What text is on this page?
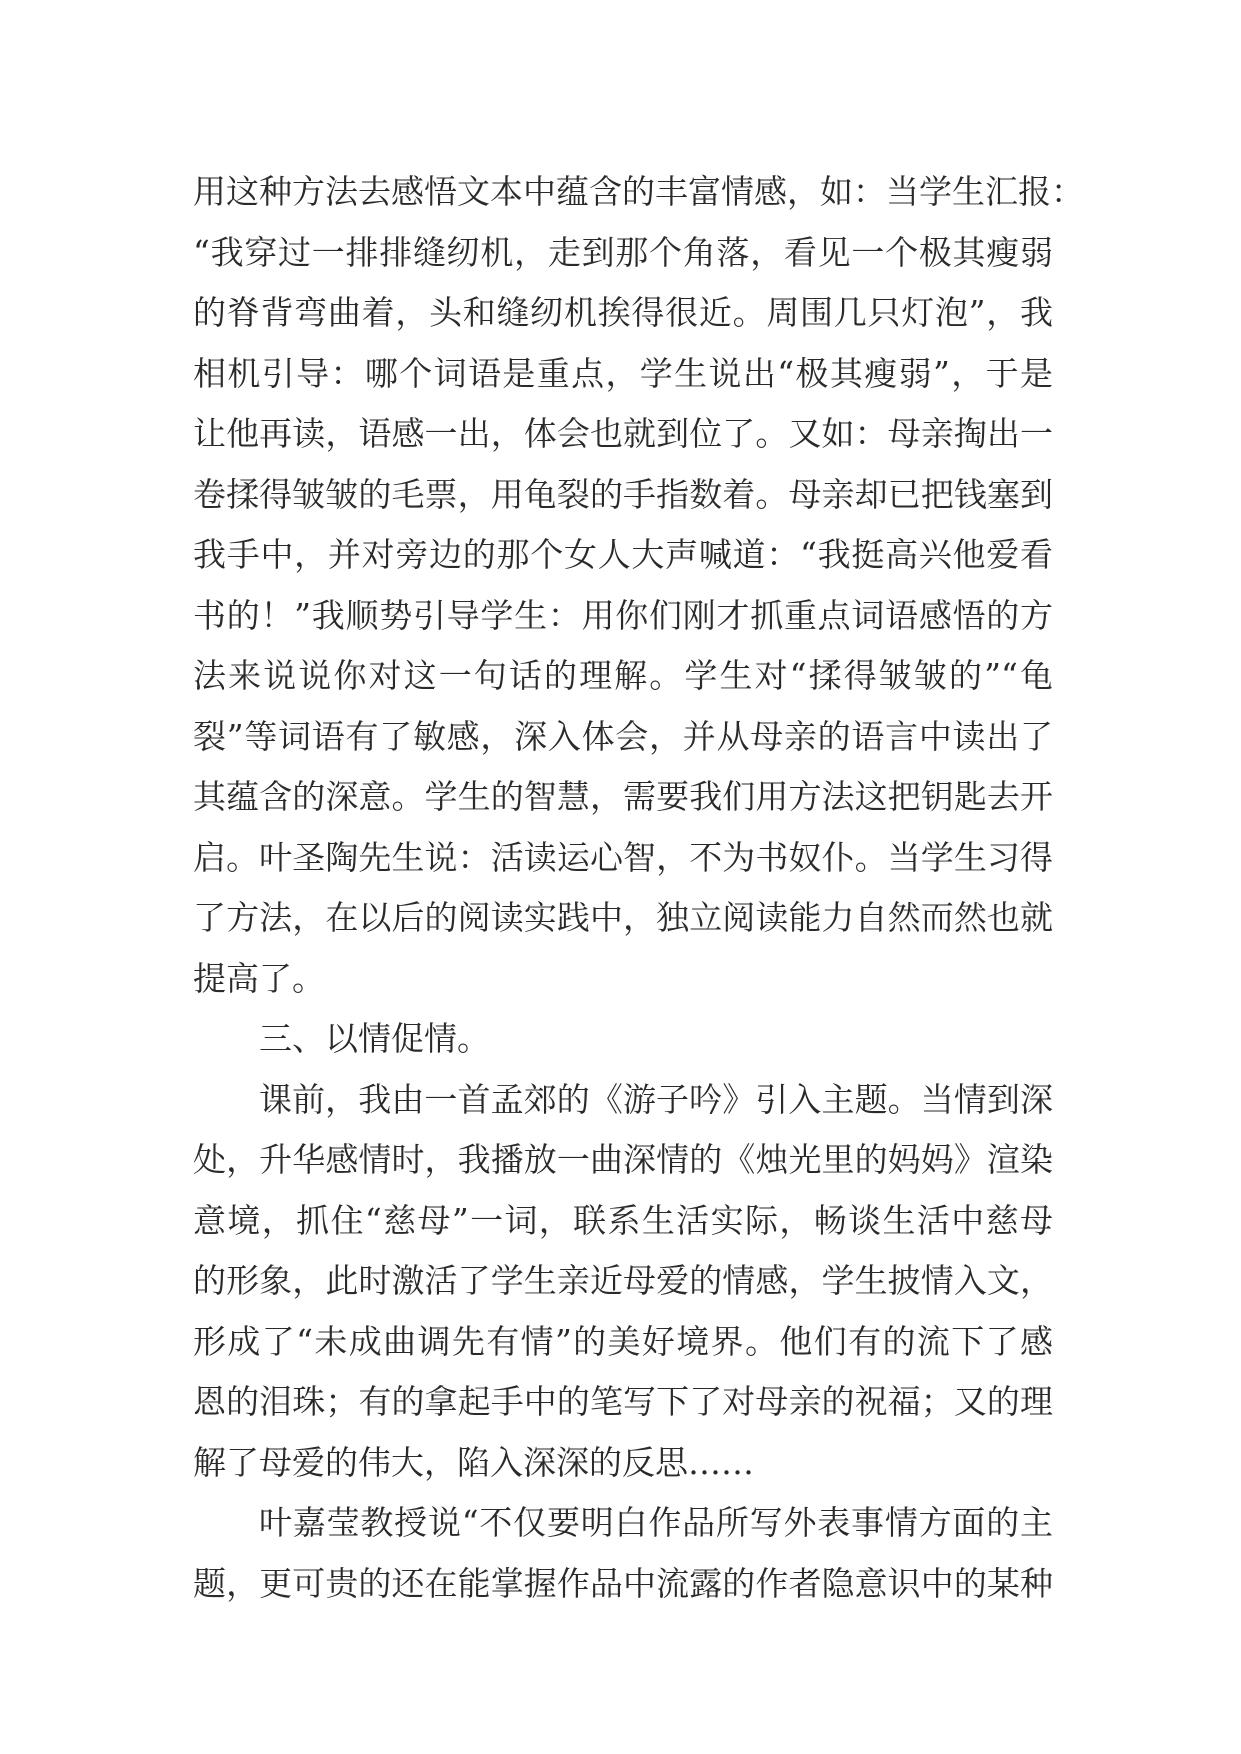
用这种方法去感悟文本中蕴含的丰富情感，如：当学生汇报：
“我穿过一排排缝纫机，走到那个角落，看见一个极其瘦弱
的脊背弯曲着，头和缝纫机挨得很近。周围几只灯泡”，我
相机引导：哪个词语是重点，学生说出“极其瘦弱”，于是
让他再读，语感一出，体会也就到位了。又如：母亲掏出一
卷揉得皱皱的毛票，用龟裂的手指数着。母亲却已把钱塞到
我手中，并对旁边的那个女人大声喊道：“我挺高兴他爱看
书的！”我顺势引导学生：用你们刚才抓重点词语感悟的方
法来说说你对这一句话的理解。学生对“揉得皱皱的”“龟
裂”等词语有了敏感，深入体会，并从母亲的语言中读出了
其蕴含的深意。学生的智慧，需要我们用方法这把钥匙去开
启。叶圣陶先生说：活读运心智，不为书奴仆。当学生习得
了方法，在以后的阅读实践中，独立阅读能力自然而然也就
提高了。
三、以情促情。
课前，我由一首孟郊的《游子吟》引入主题。当情到深
处，升华感情时，我播放一曲深情的《烛光里的妈妈》渲染
意境，抓住“慈母”一词，联系生活实际，畅谈生活中慈母
的形象，此时激活了学生亲近母爱的情感，学生披情入文，
形成了“未成曲调先有情”的美好境界。他们有的流下了感
恩的泪珠；有的拿起手中的笔写下了对母亲的祝福；又的理
解了母爱的伟大，陷入深深的反思……
叶嘉莹教授说“不仅要明白作品所写外表事情方面的主
题，更可贵的还在能掌握作品中流露的作者隐意识中的某种
